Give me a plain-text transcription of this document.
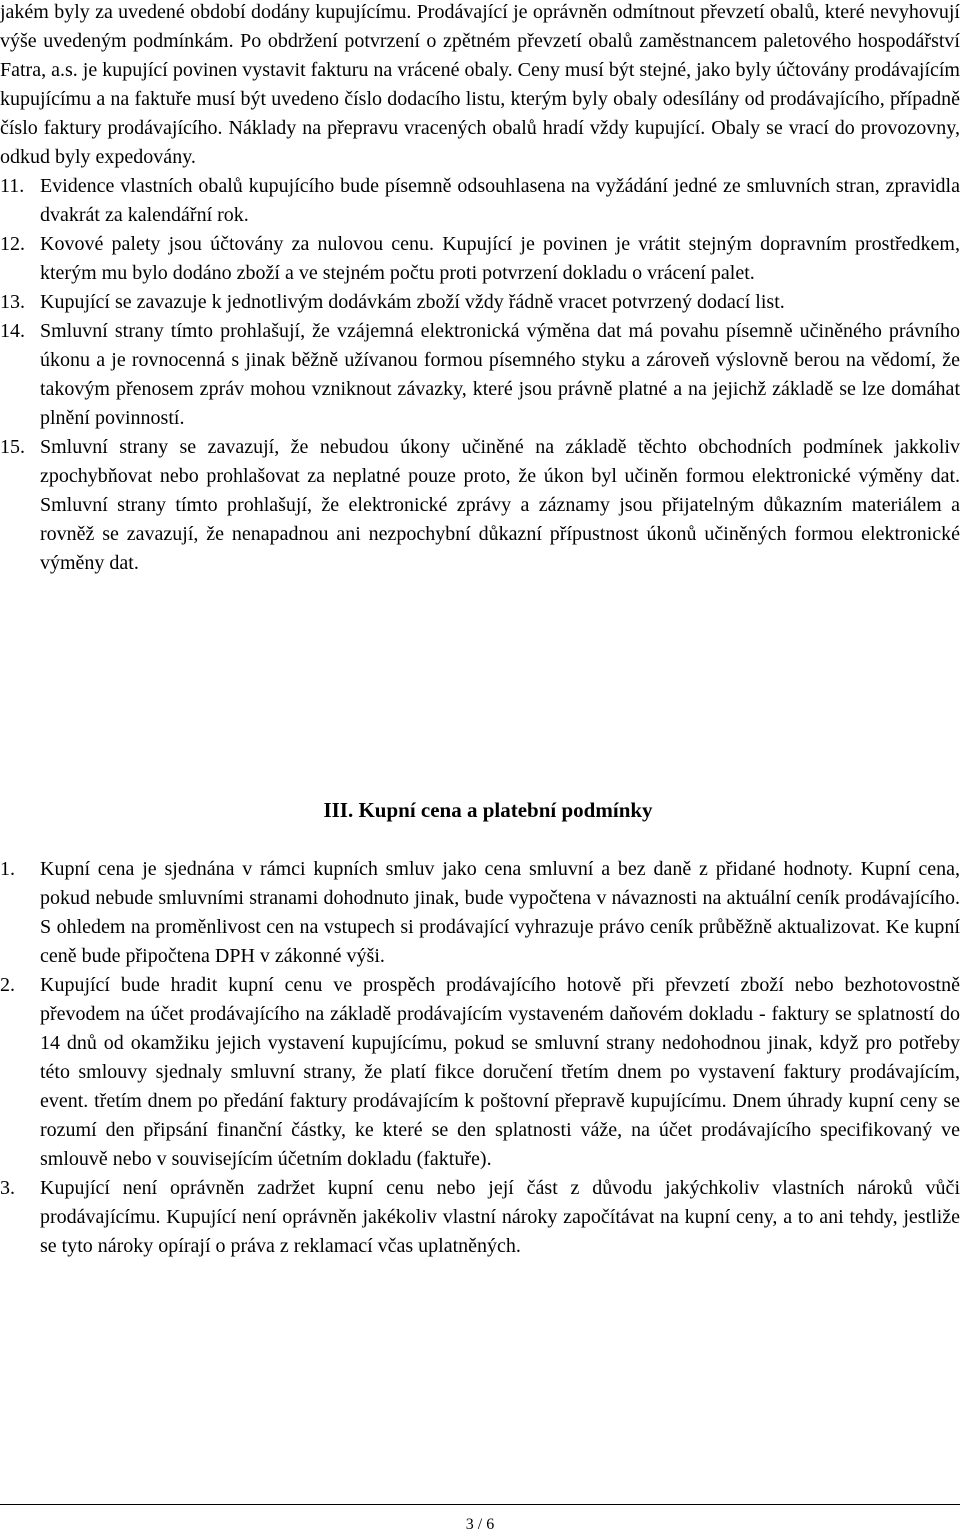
jakém byly za uvedené období dodány kupujícímu. Prodávající je oprávněn odmítnout převzetí obalů, které nevyhovují výše uvedeným podmínkám. Po obdržení potvrzení o zpětném převzetí obalů zaměstnancem paletového hospodářství Fatra, a.s. je kupující povinen vystavit fakturu na vrácené obaly. Ceny musí být stejné, jako byly účtovány prodávajícím kupujícímu a na faktuře musí být uvedeno číslo dodacího listu, kterým byly obaly odesílány od prodávajícího, případně číslo faktury prodávajícího. Náklady na přepravu vracených obalů hradí vždy kupující. Obaly se vrací do provozovny, odkud byly expedovány.

11. Evidence vlastních obalů kupujícího bude písemně odsouhlasena na vyžádání jedné ze smluvních stran, zpravidla dvakrát za kalendářní rok.
12. Kovové palety jsou účtovány za nulovou cenu. Kupující je povinen je vrátit stejným dopravním prostředkem, kterým mu bylo dodáno zboží a ve stejném počtu proti potvrzení dokladu o vrácení palet.
13. Kupující se zavazuje k jednotlivým dodávkám zboží vždy řádně vracet potvrzený dodací list.
14. Smluvní strany tímto prohlašují, že vzájemná elektronická výměna dat má povahu písemně učiněného právního úkonu a je rovnocenná s jinak běžně užívanou formou písemného styku a zároveň výslovně berou na vědomí, že takovým přenosem zpráv mohou vzniknout závazky, které jsou právně platné a na jejichž základě se lze domáhat plnění povinností.
15. Smluvní strany se zavazují, že nebudou úkony učiněné na základě těchto obchodních podmínek jakkoliv zpochybňovat nebo prohlašovat za neplatné pouze proto, že úkon byl učiněn formou elektronické výměny dat. Smluvní strany tímto prohlašují, že elektronické zprávy a záznamy jsou přijatelným důkazním materiálem a rovněž se zavazují, že nenapadnou ani nezpochybní důkazní přípustnost úkonů učiněných formou elektronické výměny dat.
III. Kupní cena a platební podmínky
1.	Kupní cena je sjednána v rámci kupních smluv jako cena smluvní a bez daně z přidané hodnoty. Kupní cena, pokud nebude smluvními stranami dohodnuto jinak, bude vypočtena v návaznosti na aktuální ceník prodávajícího. S ohledem na proměnlivost cen na vstupech si prodávající vyhrazuje právo ceník průběžně aktualizovat. Ke kupní ceně bude připočtena DPH v zákonné výši.
2.	Kupující bude hradit kupní cenu ve prospěch prodávajícího hotově při převzetí zboží nebo bezhotovostně převodem na účet prodávajícího na základě prodávajícím vystaveném daňovém dokladu - faktury se splatností do 14 dnů od okamžiku jejich vystavení kupujícímu, pokud se smluvní strany nedohodnou jinak, když pro potřeby této smlouvy sjednaly smluvní strany, že platí fikce doručení třetím dnem po vystavení faktury prodávajícím, event. třetím dnem po předání faktury prodávajícím k poštovní přepravě kupujícímu. Dnem úhrady kupní ceny se rozumí den připsání finanční částky, ke které se den splatnosti váže, na účet prodávajícího specifikovaný ve smlouvě nebo v souvisejícím účetním dokladu (faktuře).
3.	Kupující není oprávněn zadržet kupní cenu nebo její část z důvodu jakýchkoliv vlastních nároků vůči prodávajícímu. Kupující není oprávněn jakékoliv vlastní nároky započítávat na kupní ceny, a to ani tehdy, jestliže se tyto nároky opírají o práva z reklamací včas uplatněných.
3 / 6
